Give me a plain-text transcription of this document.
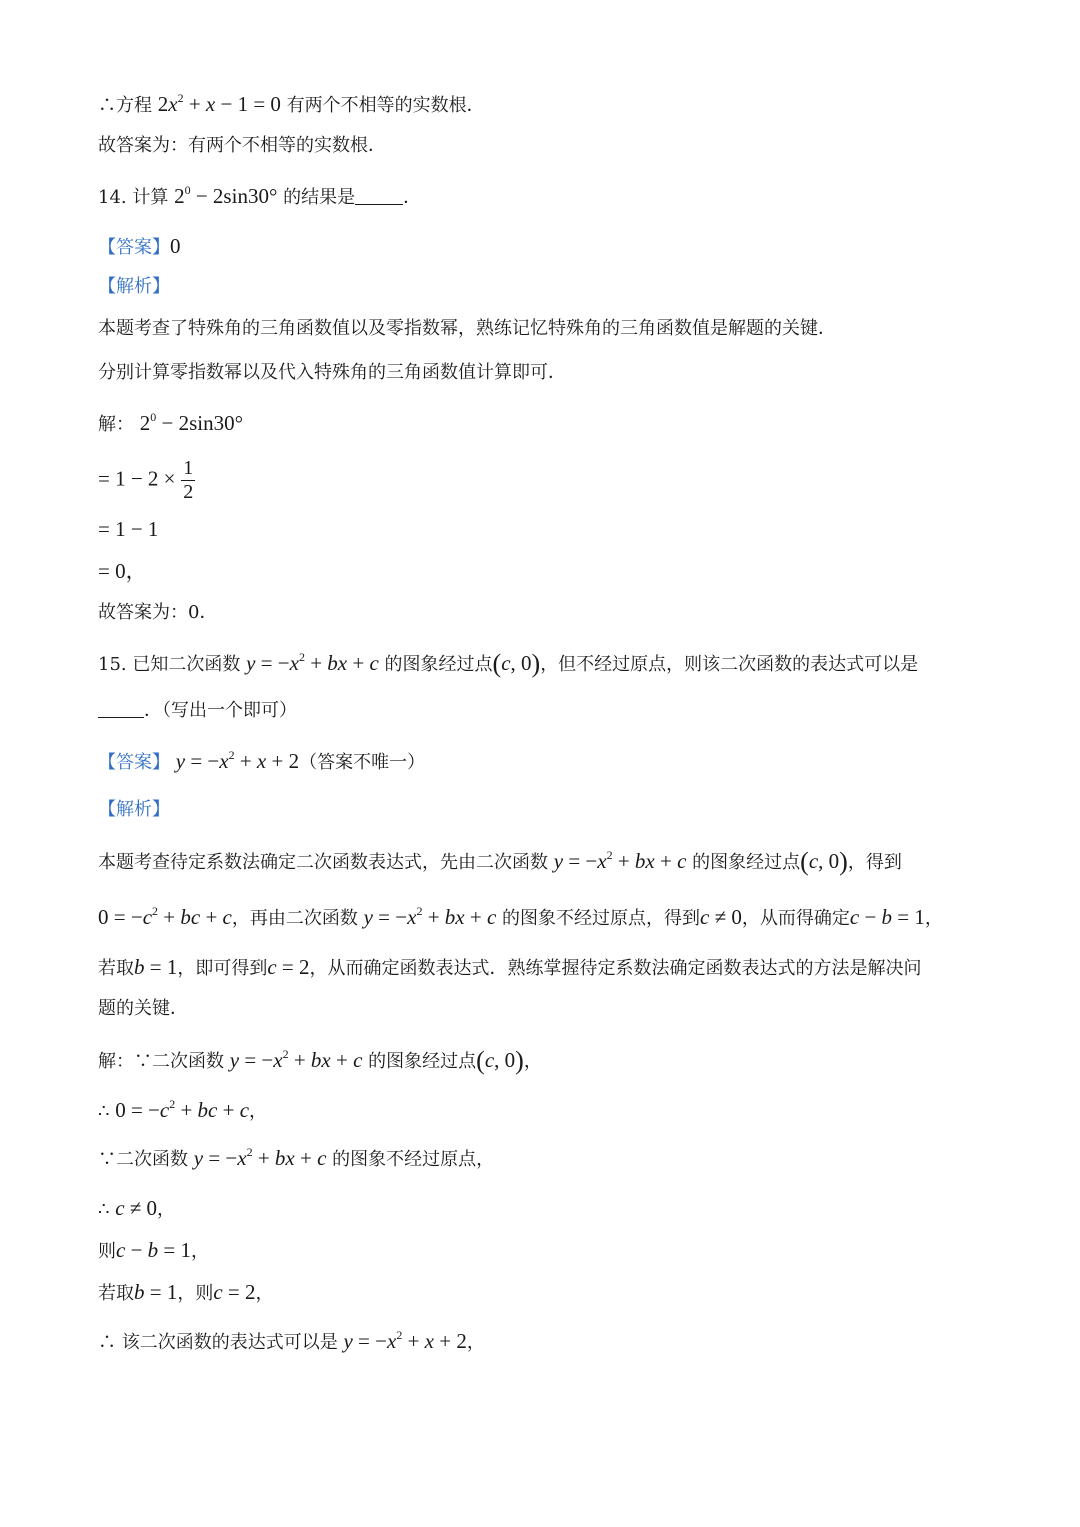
∴方程 $2x^2 + x - 1 = 0$ 有两个不相等的实数根．
故答案为：有两个不相等的实数根．
14. 计算 $2^0 - 2\sin 30^\circ$ 的结果是	．
【答案】0
【解析】
本题考查了特殊角的三角函数值以及零指数幂，熟练记忆特殊角的三角函数值是解题的关键．
分别计算零指数幂以及代入特殊角的三角函数值计算即可．
解： $2^0 - 2\sin 30^\circ$
= $1 - 2 \times \frac{1}{2}$
= 1 − 1
= 0，
故答案为：0．
15. 已知二次函数 $y = -x^2$ + bx + c 的图象经过点(c, 0)，但不经过原点，则该二次函数的表达式可以是
．（写出一个即可）
【答案】 $y = -x^2 + x + 2$（答案不唯一）
【解析】
本题考查待定系数法确定二次函数表达式，先由二次函数 $y = -x^2$ + bx + c 的图象经过点(c, 0)，得到
$0 = -c^2$ + bc + c，再由二次函数 $y = -x^2$ + bx + c 的图象不经过原点，得到c ≠ 0，从而得确定c − b = 1，
若取b = 1，即可得到c = 2，从而确定函数表达式．熟练掌握待定系数法确定函数表达式的方法是解决问
题的关键．
解：∵二次函数 $y = -x^2$ + bx + c 的图象经过点(c, 0)，
∴ $0 = -c^2$ + bc + c，
∵二次函数 $y = -x^2$ + bx + c 的图象不经过原点，
∴ c ≠ 0，
则c − b = 1，
若取b = 1，则c = 2，
∴ 该二次函数的表达式可以是 $y = -x^2 + x + 2$，
